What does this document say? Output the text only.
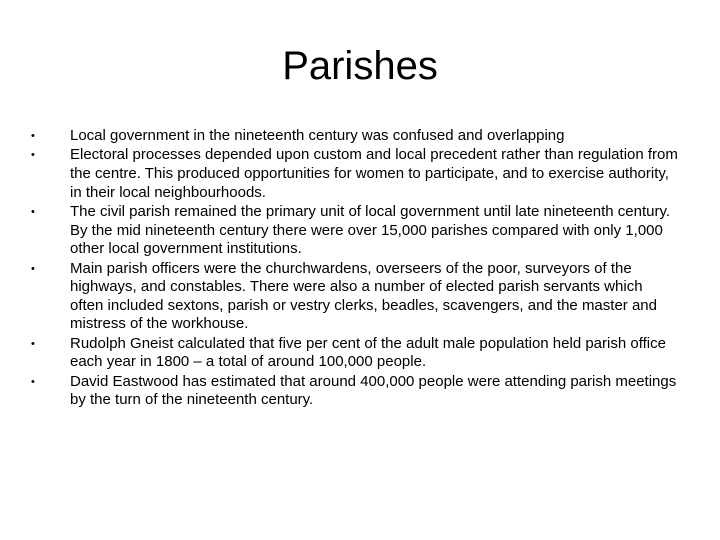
Parishes
• Local government in the nineteenth century was confused and overlapping
• Electoral processes depended upon custom and local precedent rather than regulation from the centre. This produced opportunities for women to participate, and to exercise authority, in their local neighbourhoods.
• The civil parish remained the primary unit of local government until late nineteenth century. By the mid nineteenth century there were over 15,000 parishes compared with only 1,000 other local government institutions.
• Main parish officers were the churchwardens, overseers of the poor, surveyors of the highways, and constables. There were also a number of elected parish servants which often included sextons, parish or vestry clerks, beadles, scavengers, and the master and mistress of the workhouse.
• Rudolph Gneist calculated that five per cent of the adult male population held parish office each year in 1800 – a total of around 100,000 people.
• David Eastwood has estimated that around 400,000 people were attending parish meetings by the turn of the nineteenth century.
